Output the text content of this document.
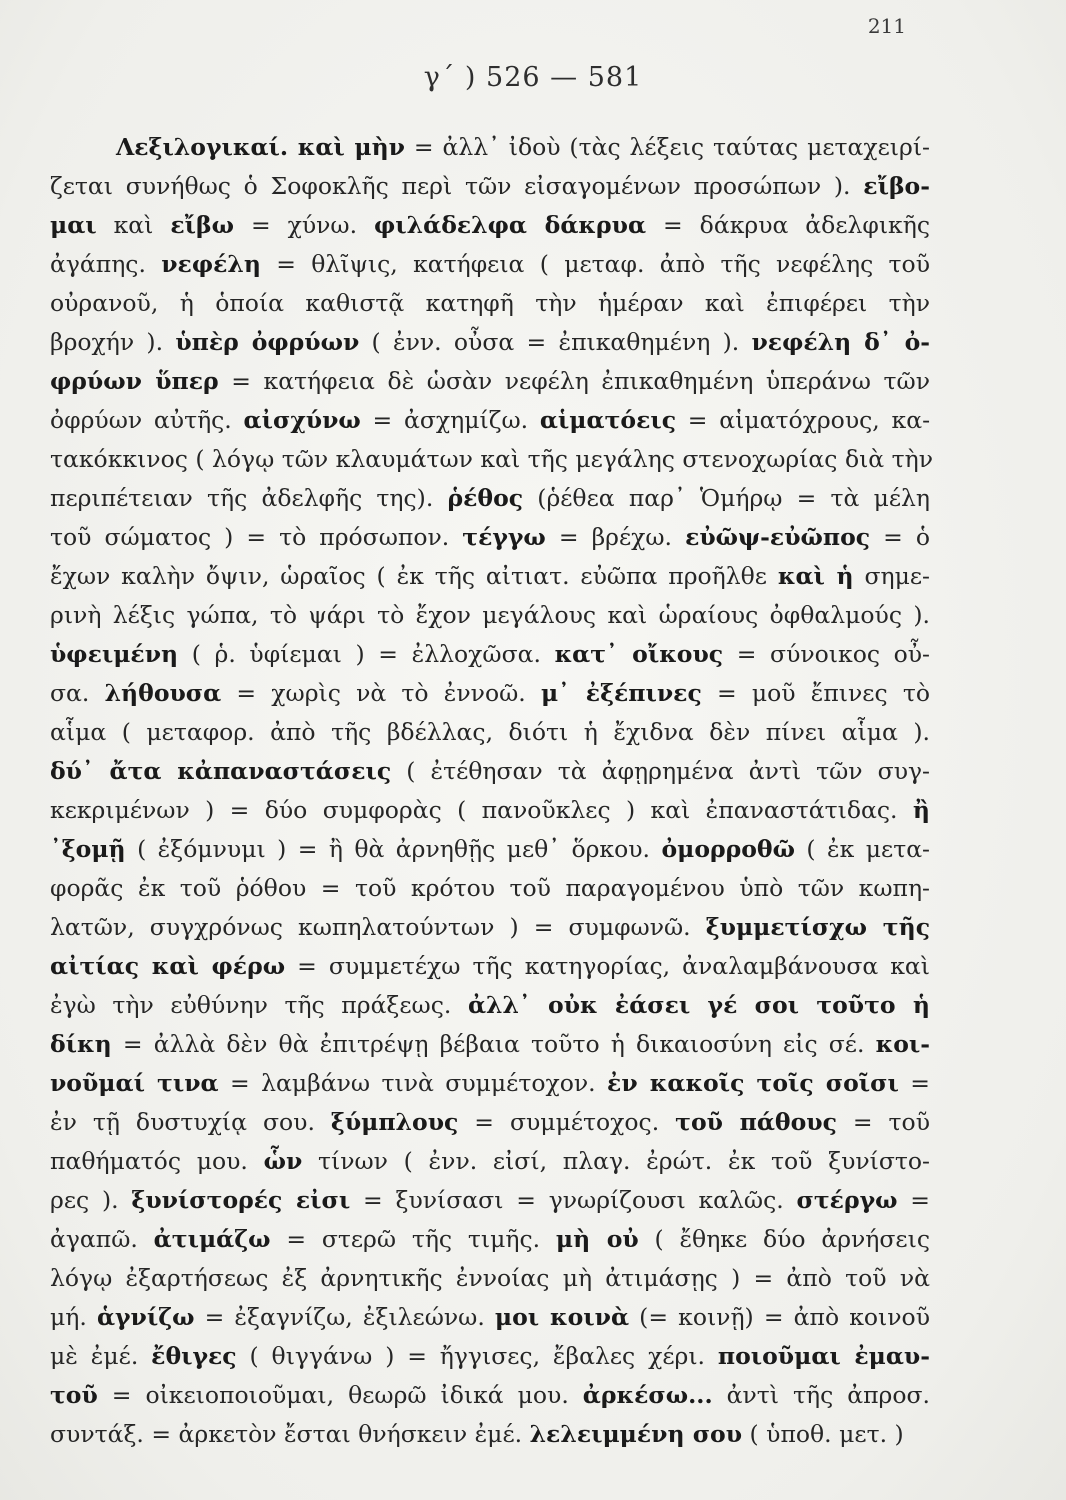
211
γ΄ ) 526 — 581
Λεξιλογικαί. καὶ μὴν = ἀλλ᾽ ἰδοὺ (τὰς λέξεις ταύτας μεταχειρί-
ζεται συνήθως ὁ Σοφοκλῆς περὶ τῶν εἰσαγομένων προσώπων ). εἴβο-
μαι καὶ εἴβω = χύνω. φιλάδελφα δάκρυα = δάκρυα ἀδελφικῆς
ἀγάπης. νεφέλη = θλῖψις, κατήφεια ( μεταφ. ἀπὸ τῆς νεφέλης τοῦ
οὐρανοῦ, ἡ ὁποία καθιστᾷ κατηφῆ τὴν ἡμέραν καὶ ἐπιφέρει τὴν
βροχήν ). ὑπὲρ ὀφρύων ( ἐνν. οὖσα = ἐπικαθημένη ). νεφέλη δ᾽ ὀ-
φρύων ὕπερ = κατήφεια δὲ ὡσὰν νεφέλη ἐπικαθημένη ὑπεράνω τῶν
ὀφρύων αὐτῆς. αἰσχύνω = ἀσχημίζω. αἱματόεις = αἱματόχρους, κα-
τακόκκινος ( λόγῳ τῶν κλαυμάτων καὶ τῆς μεγάλης στενοχωρίας διὰ τὴν
περιπέτειαν τῆς ἀδελφῆς της). ῥέθος (ῥέθεα παρ᾽ Ὁμήρῳ = τὰ μέλη
τοῦ σώματος ) = τὸ πρόσωπον. τέγγω = βρέχω. εὐῶψ-εὐῶπος = ὁ
ἔχων καλὴν ὄψιν, ὡραῖος ( ἐκ τῆς αἰτιατ. εὐῶπα προῆλθε καὶ ἡ σημε-
ρινὴ λέξις γώπα, τὸ ψάρι τὸ ἔχον μεγάλους καὶ ὡραίους ὀφθαλμούς ).
ὑφειμένη ( ῥ. ὑφίεμαι ) = ἐλλοχῶσα. κατ᾽ οἴκους = σύνοικος οὖ-
σα. λήθουσα = χωρὶς νὰ τὸ ἐννοῶ. μ᾽ ἐξέπινες = μοῦ ἔπινες τὸ
αἷμα ( μεταφορ. ἀπὸ τῆς βδέλλας, διότι ἡ ἔχιδνα δὲν πίνει αἷμα ).
δύ᾽ ἄτα κἀπαναστάσεις ( ἐτέθησαν τὰ ἀφῃρημένα ἀντὶ τῶν συγ-
κεκριμένων ) = δύο συμφορὰς ( πανοῦκλες ) καὶ ἐπαναστάτιδας. ἢ
᾽ξομῇ ( ἐξόμνυμι ) = ἢ θὰ ἀρνηθῇς μεθ᾽ ὅρκου. ὀμορροθῶ ( ἐκ μετα-
φορᾶς ἐκ τοῦ ῥόθου = τοῦ κρότου τοῦ παραγομένου ὑπὸ τῶν κωπη-
λατῶν, συγχρόνως κωπηλατούντων ) = συμφωνῶ. ξυμμετίσχω τῆς
αἰτίας καὶ φέρω = συμμετέχω τῆς κατηγορίας, ἀναλαμβάνουσα καὶ
ἐγὼ τὴν εὐθύνην τῆς πράξεως. ἀλλ᾽ οὐκ ἐάσει γέ σοι τοῦτο ἡ
δίκη = ἀλλὰ δὲν θὰ ἐπιτρέψῃ βέβαια τοῦτο ἡ δικαιοσύνη εἰς σέ. κοι-
νοῦμαί τινα = λαμβάνω τινὰ συμμέτοχον. ἐν κακοῖς τοῖς σοῖσι =
ἐν τῇ δυστυχίᾳ σου. ξύμπλους = συμμέτοχος. τοῦ πάθους = τοῦ
παθήματός μου. ὧν τίνων ( ἐνν. εἰσί, πλαγ. ἐρώτ. ἐκ τοῦ ξυνίστο-
ρες ). ξυνίστορές εἰσι = ξυνίσασι = γνωρίζουσι καλῶς. στέργω =
ἀγαπῶ. ἀτιμάζω = στερῶ τῆς τιμῆς. μὴ οὐ ( ἔθηκε δύο ἀρνήσεις
λόγῳ ἐξαρτήσεως ἐξ ἀρνητικῆς ἐννοίας μὴ ἀτιμάσῃς ) = ἀπὸ τοῦ νὰ
μή. ἁγνίζω = ἐξαγνίζω, ἐξιλεώνω. μοι κοινὰ (= κοινῇ) = ἀπὸ κοινοῦ
μὲ ἐμέ. ἔθιγες ( θιγγάνω ) = ἤγγισες, ἔβαλες χέρι. ποιοῦμαι ἐμαυ-
τοῦ = οἰκειοποιοῦμαι, θεωρῶ ἰδικά μου. ἀρκέσω... ἀντὶ τῆς ἀπροσ.
συντάξ. = ἀρκετὸν ἔσται θνήσκειν ἐμέ. λελειμμένη σου ( ὑποθ. μετ. )
